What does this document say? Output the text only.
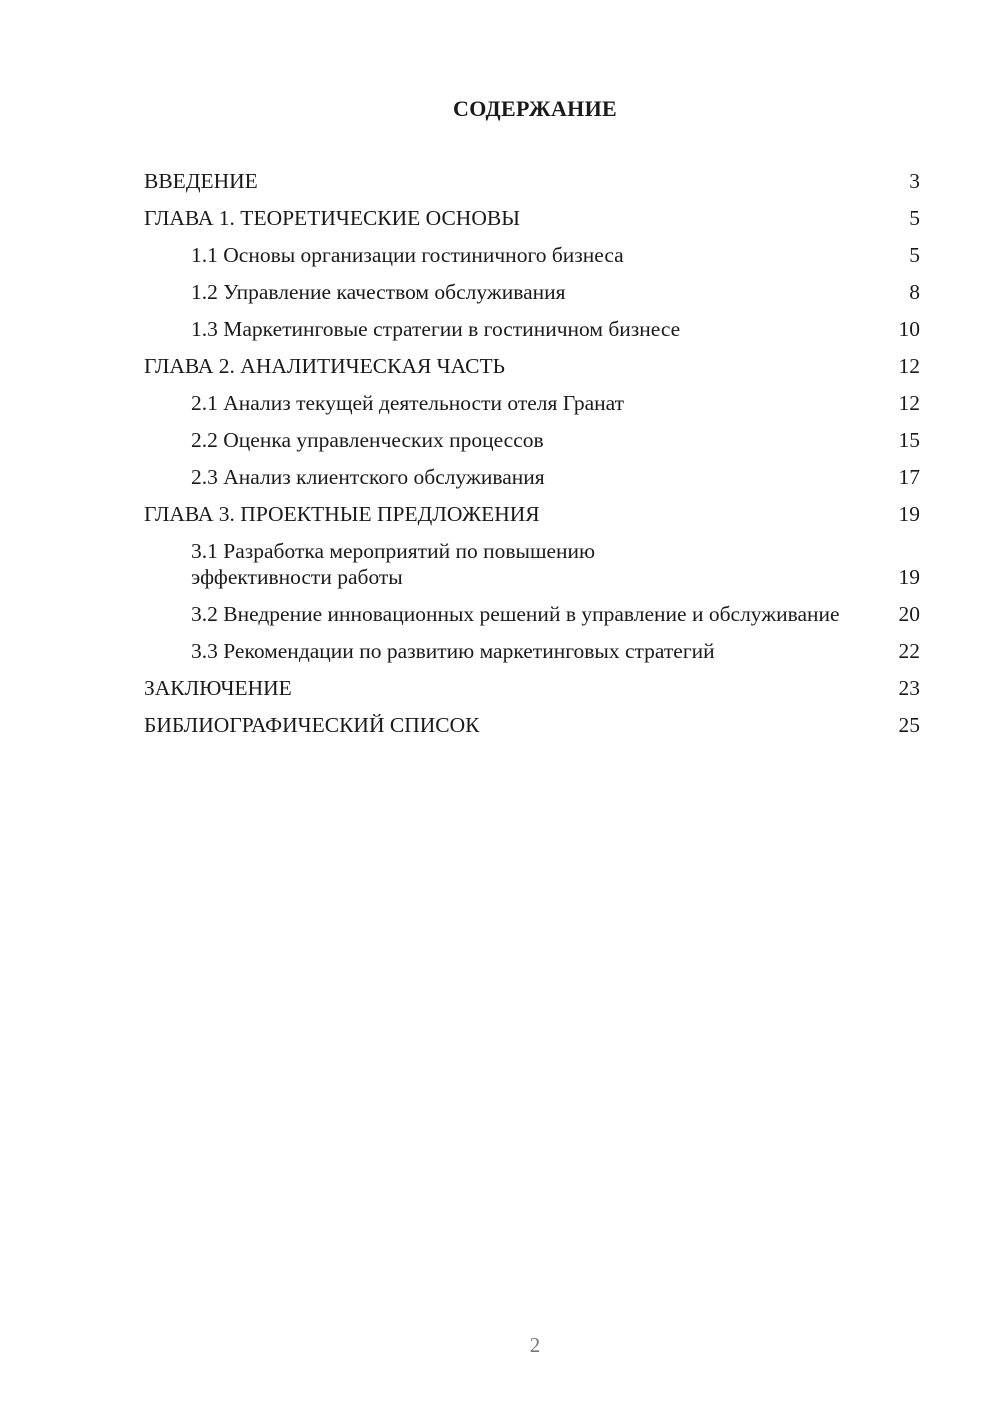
СОДЕРЖАНИЕ
ВВЕДЕНИЕ	3
ГЛАВА 1. ТЕОРЕТИЧЕСКИЕ ОСНОВЫ	5
1.1 Основы организации гостиничного бизнеса	5
1.2 Управление качеством обслуживания	8
1.3 Маркетинговые стратегии в гостиничном бизнесе	10
ГЛАВА 2. АНАЛИТИЧЕСКАЯ ЧАСТЬ	12
2.1 Анализ текущей деятельности отеля Гранат	12
2.2 Оценка управленческих процессов	15
2.3 Анализ клиентского обслуживания	17
ГЛАВА 3. ПРОЕКТНЫЕ ПРЕДЛОЖЕНИЯ	19
3.1 Разработка мероприятий по повышению эффективности работы	19
3.2 Внедрение инновационных решений в управление и обслуживание	20
3.3 Рекомендации по развитию маркетинговых стратегий	22
ЗАКЛЮЧЕНИЕ	23
БИБЛИОГРАФИЧЕСКИЙ СПИСОК	25
2
